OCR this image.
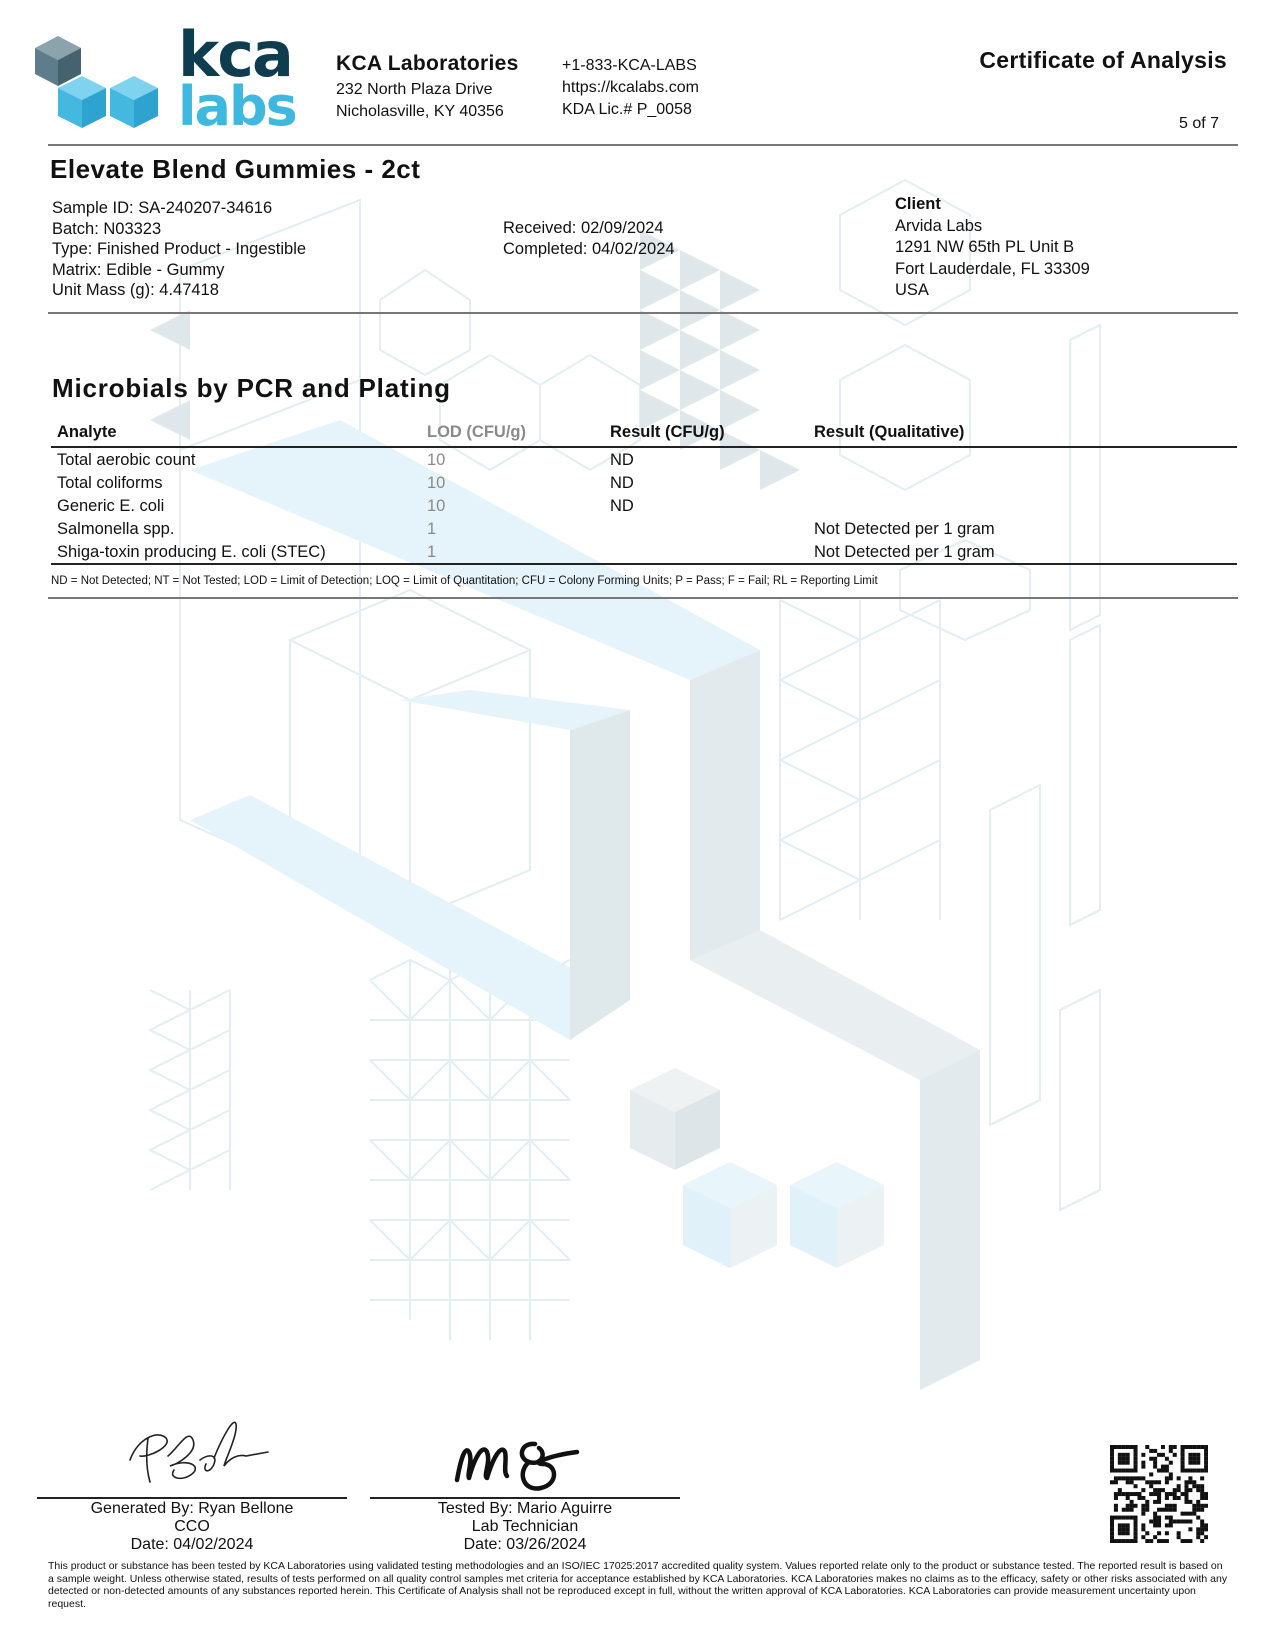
kca
labs
KCA Laboratories
232 North Plaza Drive
Nicholasville, KY 40356
+1-833-KCA-LABS
https://kcalabs.com
KDA Lic.# P_0058
Certificate of Analysis
5 of 7
Elevate Blend Gummies - 2ct
Sample ID: SA-240207-34616
Batch: N03323
Type: Finished Product - Ingestible
Matrix: Edible - Gummy
Unit Mass (g): 4.47418
Received: 02/09/2024
Completed: 04/02/2024
Client
Arvida Labs
1291 NW 65th PL Unit B
Fort Lauderdale, FL 33309
USA
Microbials by PCR and Plating
Analyte	LOD (CFU/g)	Result (CFU/g)	Result (Qualitative)
Total aerobic count	10	ND	
Total coliforms	10	ND	
Generic E. coli	10	ND	
Salmonella spp.	1		Not Detected per 1 gram
Shiga-toxin producing E. coli (STEC)	1		Not Detected per 1 gram
ND = Not Detected; NT = Not Tested; LOD = Limit of Detection; LOQ = Limit of Quantitation; CFU = Colony Forming Units; P = Pass; F = Fail; RL = Reporting Limit
Generated By: Ryan Bellone
CCO
Date: 04/02/2024
Tested By: Mario Aguirre
Lab Technician
Date: 03/26/2024
This product or substance has been tested by KCA Laboratories using validated testing methodologies and an ISO/IEC 17025:2017 accredited quality system. Values reported relate only to the product or substance tested. The reported result is based on a sample weight. Unless otherwise stated, results of tests performed on all quality control samples met criteria for acceptance established by KCA Laboratories. KCA Laboratories makes no claims as to the efficacy, safety or other risks associated with any detected or non-detected amounts of any substances reported herein. This Certificate of Analysis shall not be reproduced except in full, without the written approval of KCA Laboratories. KCA Laboratories can provide measurement uncertainty upon request.
